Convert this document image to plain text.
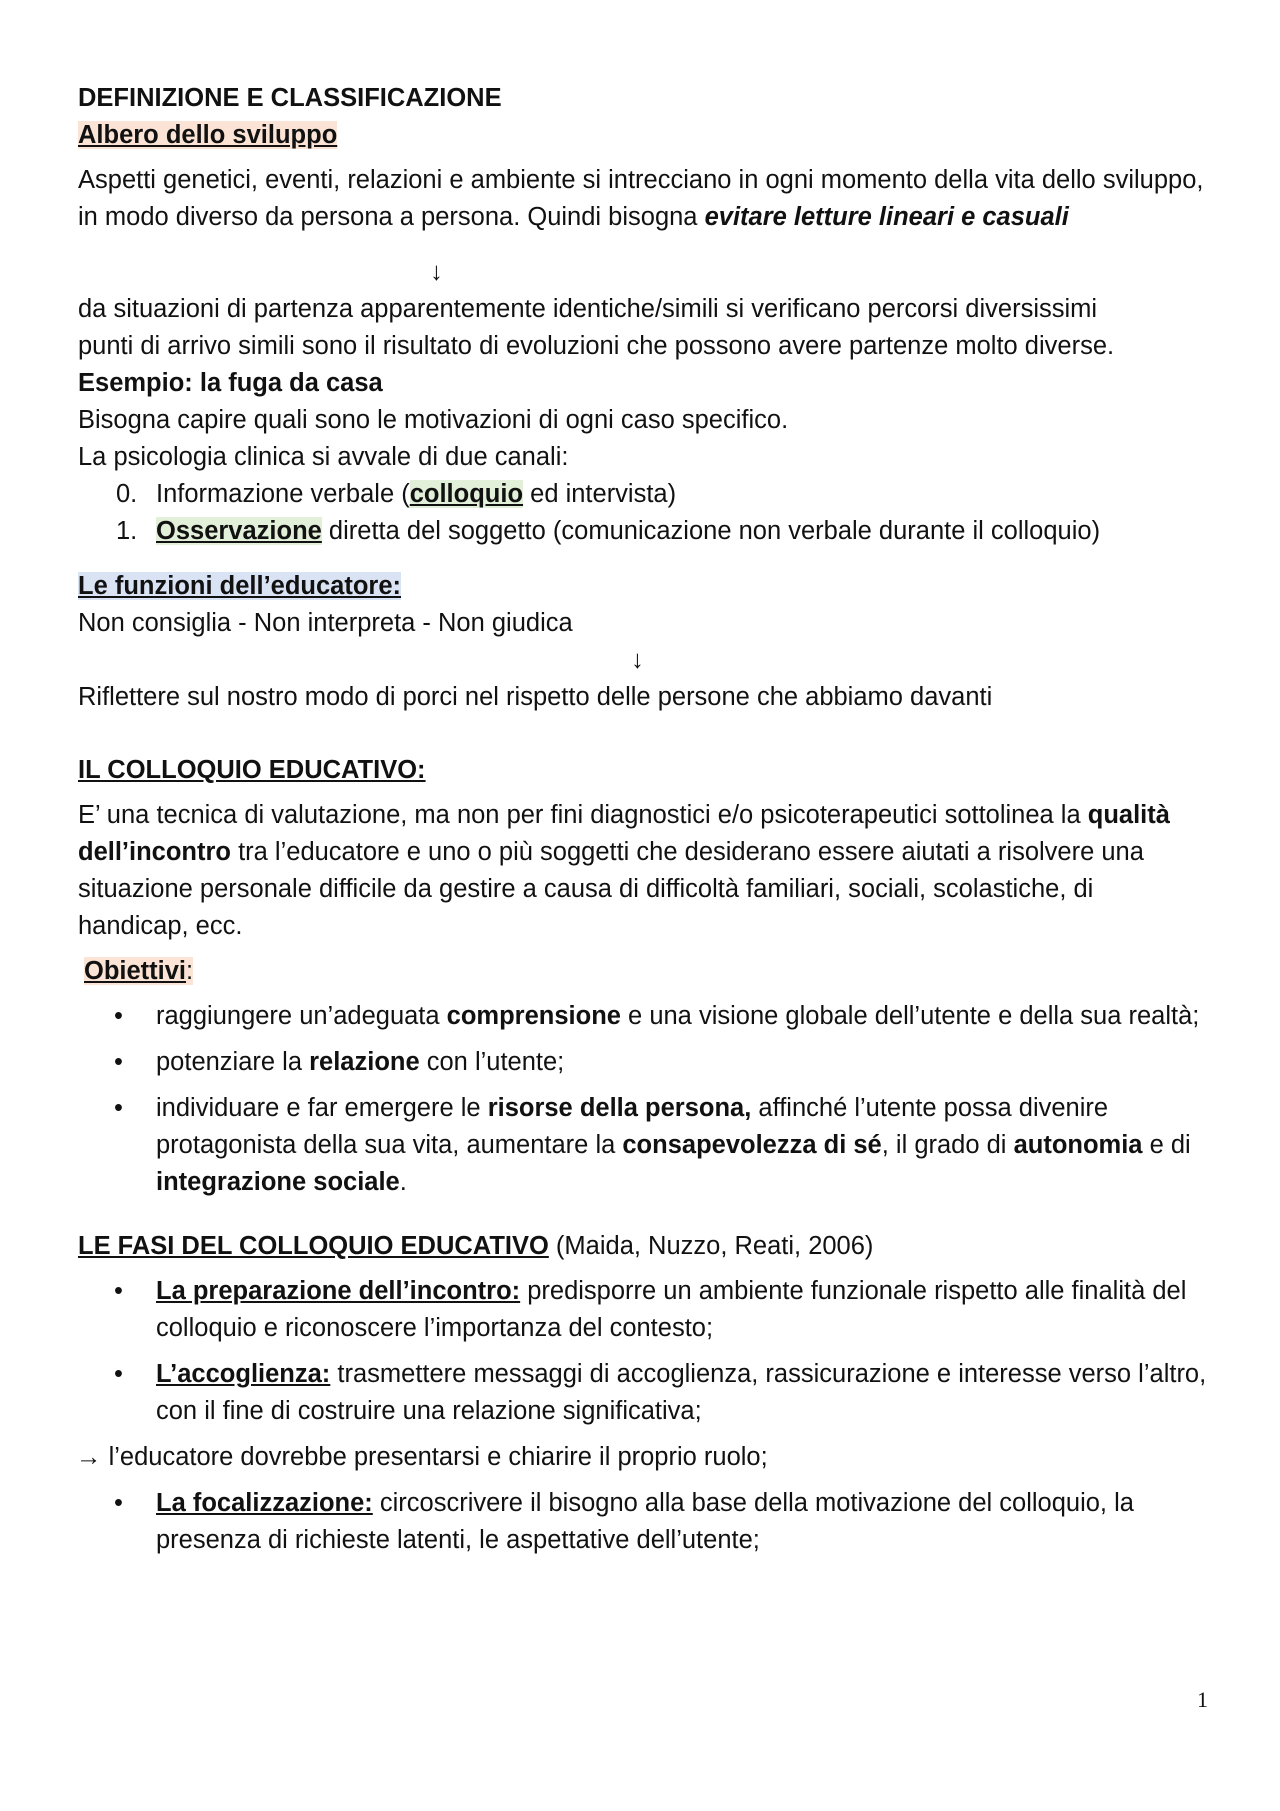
DEFINIZIONE E CLASSIFICAZIONE

Albero dello sviluppo

Aspetti genetici, eventi, relazioni e ambiente si intrecciano in ogni momento della vita dello sviluppo, in modo diverso da persona a persona. Quindi bisogna evitare letture lineari e casuali

↓

da situazioni di partenza apparentemente identiche/simili si verificano percorsi diversissimi

punti di arrivo simili sono il risultato di evoluzioni che possono avere partenze molto diverse.

Esempio: la fuga da casa

Bisogna capire quali sono le motivazioni di ogni caso specifico.

La psicologia clinica si avvale di due canali:

0. Informazione verbale (colloquio ed intervista)
1. Osservazione diretta del soggetto (comunicazione non verbale durante il colloquio)

Le funzioni dell’educatore:

Non consiglia - Non interpreta - Non giudica

↓

Riflettere sul nostro modo di porci nel rispetto delle persone che abbiamo davanti

IL COLLOQUIO EDUCATIVO:

E’ una tecnica di valutazione, ma non per fini diagnostici e/o psicoterapeutici sottolinea la qualità dell’incontro tra l’educatore e uno o più soggetti che desiderano essere aiutati a risolvere una situazione personale difficile da gestire a causa di difficoltà familiari, sociali, scolastiche, di handicap, ecc.

Obiettivi:

• raggiungere un’adeguata comprensione e una visione globale dell’utente e della sua realtà;
• potenziare la relazione con l’utente;
• individuare e far emergere le risorse della persona, affinché l’utente possa divenire protagonista della sua vita, aumentare la consapevolezza di sé, il grado di autonomia e di integrazione sociale.

LE FASI DEL COLLOQUIO EDUCATIVO (Maida, Nuzzo, Reati, 2006)

• La preparazione dell’incontro: predisporre un ambiente funzionale rispetto alle finalità del colloquio e riconoscere l’importanza del contesto;
• L’accoglienza: trasmettere messaggi di accoglienza, rassicurazione e interesse verso l’altro, con il fine di costruire una relazione significativa;

→ l’educatore dovrebbe presentarsi e chiarire il proprio ruolo;

• La focalizzazione: circoscrivere il bisogno alla base della motivazione del colloquio, la presenza di richieste latenti, le aspettative dell’utente;
1
